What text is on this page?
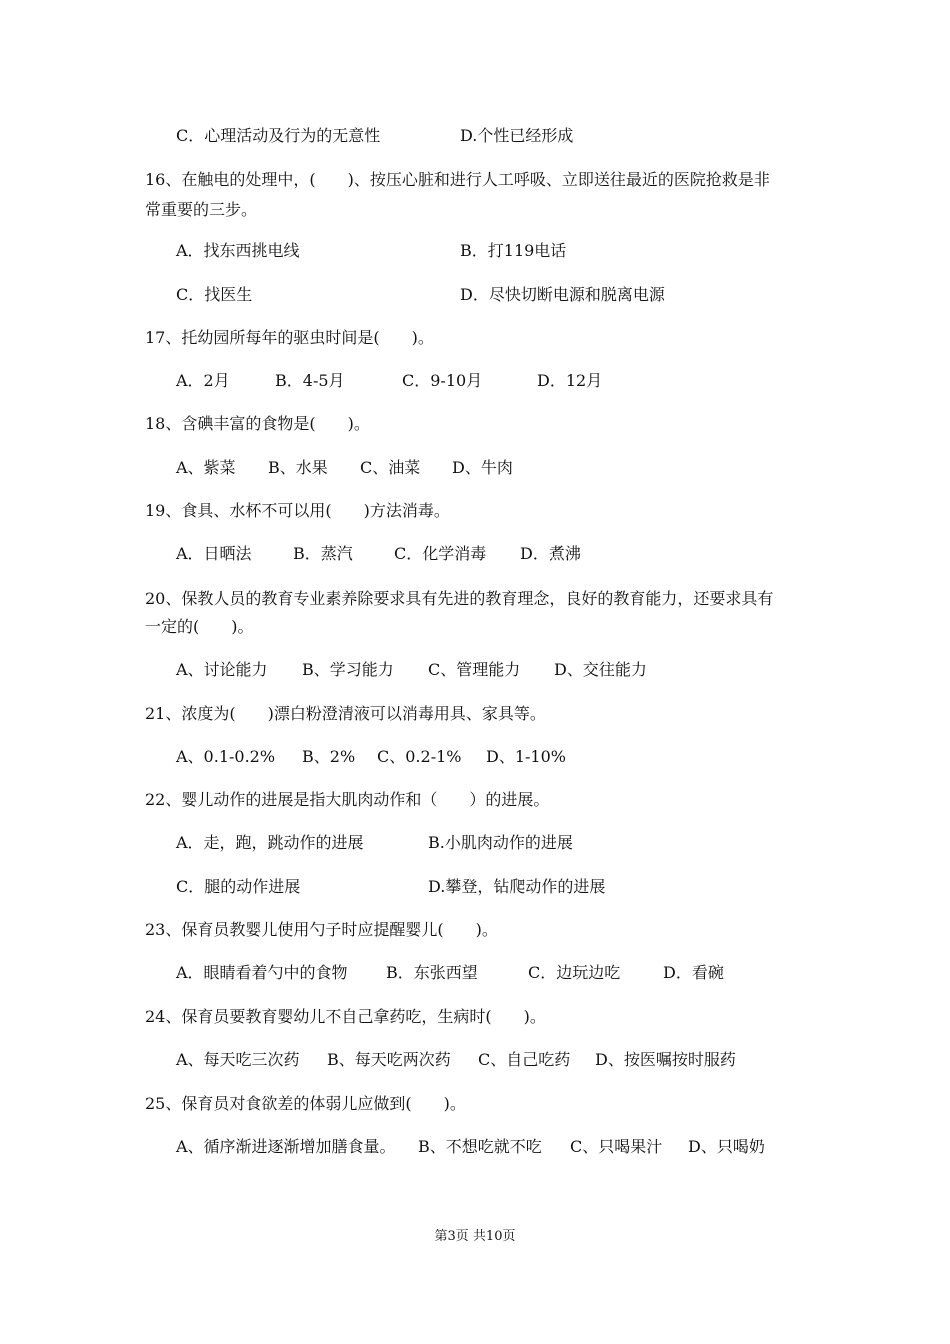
C．心理活动及行为的无意性	D.个性已经形成
16、在触电的处理中，(　　)、按压心脏和进行人工呼吸、立即送往最近的医院抢救是非
常重要的三步。
A．找东西挑电线	B．打119电话
C．找医生	D．尽快切断电源和脱离电源
17、托幼园所每年的驱虫时间是(　　)。
A．2月	B．4-5月	C．9-10月	D．12月
18、含碘丰富的食物是(　　)。
A、紫菜 B、水果 C、油菜 D、牛肉
19、食具、水杯不可以用(　　)方法消毒。
A．日晒法	B．蒸汽	C．化学消毒 D．煮沸
20、保教人员的教育专业素养除要求具有先进的教育理念，良好的教育能力，还要求具有
一定的(　　)。
A、讨论能力 B、学习能力 C、管理能力 D、交往能力
21、浓度为(　　)漂白粉澄清液可以消毒用具、家具等。
A、0.1-0.2% B、2% C、0.2-1% D、1-10%
22、婴儿动作的进展是指大肌肉动作和（　　）的进展。
A．走，跑，跳动作的进展	B.小肌肉动作的进展
C．腿的动作进展	D.攀登，钻爬动作的进展
23、保育员教婴儿使用勺子时应提醒婴儿(　　)。
A．眼睛看着勺中的食物 B．东张西望	C．边玩边吃	D．看碗
24、保育员要教育婴幼儿不自己拿药吃，生病时(　　)。
A、每天吃三次药 B、每天吃两次药 C、自己吃药 D、按医嘱按时服药
25、保育员对食欲差的体弱儿应做到(　　)。
A、循序渐进逐渐增加膳食量。 B、不想吃就不吃 C、只喝果汁 D、只喝奶
第3页 共10页
